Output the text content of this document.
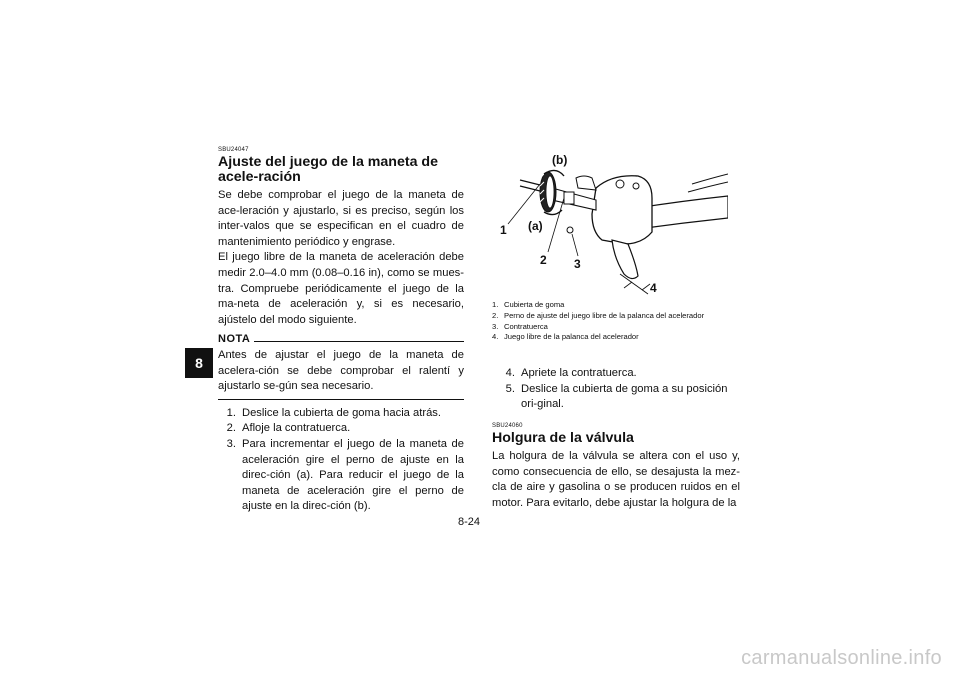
8
SBU24047
Ajuste del juego de la maneta de acele-ración

Se debe comprobar el juego de la maneta de ace-leración y ajustarlo, si es preciso, según los inter-valos que se especifican en el cuadro de mantenimiento periódico y engrase.

El juego libre de la maneta de aceleración debe medir 2.0–4.0 mm (0.08–0.16 in), como se mues-tra. Compruebe periódicamente el juego de la ma-neta de aceleración y, si es necesario, ajústelo del modo siguiente.

NOTA

Antes de ajustar el juego de la maneta de acelera-ción se debe comprobar el ralentí y ajustarlo se-gún sea necesario.

1. Deslice la cubierta de goma hacia atrás.
2. Afloje la contratuerca.
3. Para incrementar el juego de la maneta de aceleración gire el perno de ajuste en la direc-ción (a). Para reducir el juego de la maneta de aceleración gire el perno de ajuste en la direc-ción (b).
(b)
(a)
1
2 3
4
1. Cubierta de goma
2. Perno de ajuste del juego libre de la palanca del acelerador
3. Contratuerca
4. Juego libre de la palanca del acelerador
4. Apriete la contratuerca.
5. Deslice la cubierta de goma a su posición ori-ginal.
SBU24060
Holgura de la válvula

La holgura de la válvula se altera con el uso y, como consecuencia de ello, se desajusta la mez-cla de aire y gasolina o se producen ruidos en el motor. Para evitarlo, debe ajustar la holgura de la

8-24
carmanualsonline.info
